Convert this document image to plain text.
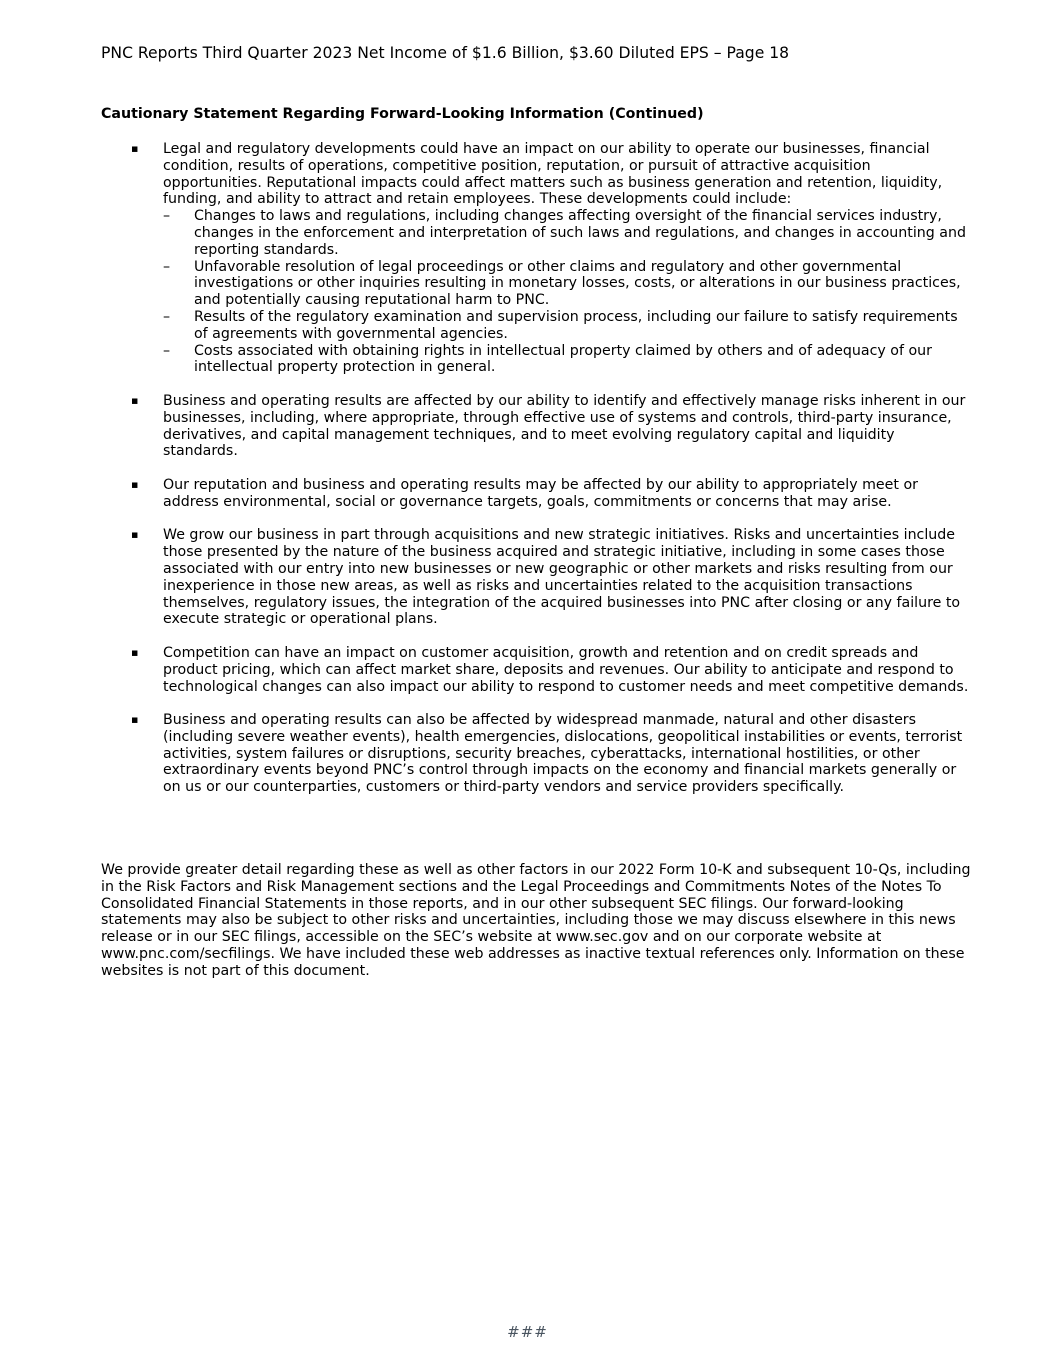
PNC Reports Third Quarter 2023 Net Income of $1.6 Billion, $3.60 Diluted EPS – Page 18
Cautionary Statement Regarding Forward-Looking Information (Continued)
▪ Legal and regulatory developments could have an impact on our ability to operate our businesses, financial condition, results of operations, competitive position, reputation, or pursuit of attractive acquisition opportunities. Reputational impacts could affect matters such as business generation and retention, liquidity, funding, and ability to attract and retain employees. These developments could include:
– Changes to laws and regulations, including changes affecting oversight of the financial services industry, changes in the enforcement and interpretation of such laws and regulations, and changes in accounting and reporting standards.
– Unfavorable resolution of legal proceedings or other claims and regulatory and other governmental investigations or other inquiries resulting in monetary losses, costs, or alterations in our business practices, and potentially causing reputational harm to PNC.
– Results of the regulatory examination and supervision process, including our failure to satisfy requirements of agreements with governmental agencies.
– Costs associated with obtaining rights in intellectual property claimed by others and of adequacy of our intellectual property protection in general.
▪ Business and operating results are affected by our ability to identify and effectively manage risks inherent in our businesses, including, where appropriate, through effective use of systems and controls, third-party insurance, derivatives, and capital management techniques, and to meet evolving regulatory capital and liquidity standards.
▪ Our reputation and business and operating results may be affected by our ability to appropriately meet or address environmental, social or governance targets, goals, commitments or concerns that may arise.
▪ We grow our business in part through acquisitions and new strategic initiatives. Risks and uncertainties include those presented by the nature of the business acquired and strategic initiative, including in some cases those associated with our entry into new businesses or new geographic or other markets and risks resulting from our inexperience in those new areas, as well as risks and uncertainties related to the acquisition transactions themselves, regulatory issues, the integration of the acquired businesses into PNC after closing or any failure to execute strategic or operational plans.
▪ Competition can have an impact on customer acquisition, growth and retention and on credit spreads and product pricing, which can affect market share, deposits and revenues. Our ability to anticipate and respond to technological changes can also impact our ability to respond to customer needs and meet competitive demands.
▪ Business and operating results can also be affected by widespread manmade, natural and other disasters (including severe weather events), health emergencies, dislocations, geopolitical instabilities or events, terrorist activities, system failures or disruptions, security breaches, cyberattacks, international hostilities, or other extraordinary events beyond PNC’s control through impacts on the economy and financial markets generally or on us or our counterparties, customers or third-party vendors and service providers specifically.

We provide greater detail regarding these as well as other factors in our 2022 Form 10-K and subsequent 10-Qs, including in the Risk Factors and Risk Management sections and the Legal Proceedings and Commitments Notes of the Notes To Consolidated Financial Statements in those reports, and in our other subsequent SEC filings. Our forward-looking statements may also be subject to other risks and uncertainties, including those we may discuss elsewhere in this news release or in our SEC filings, accessible on the SEC’s website at www.sec.gov and on our corporate website at www.pnc.com/secfilings. We have included these web addresses as inactive textual references only. Information on these websites is not part of this document.

###
